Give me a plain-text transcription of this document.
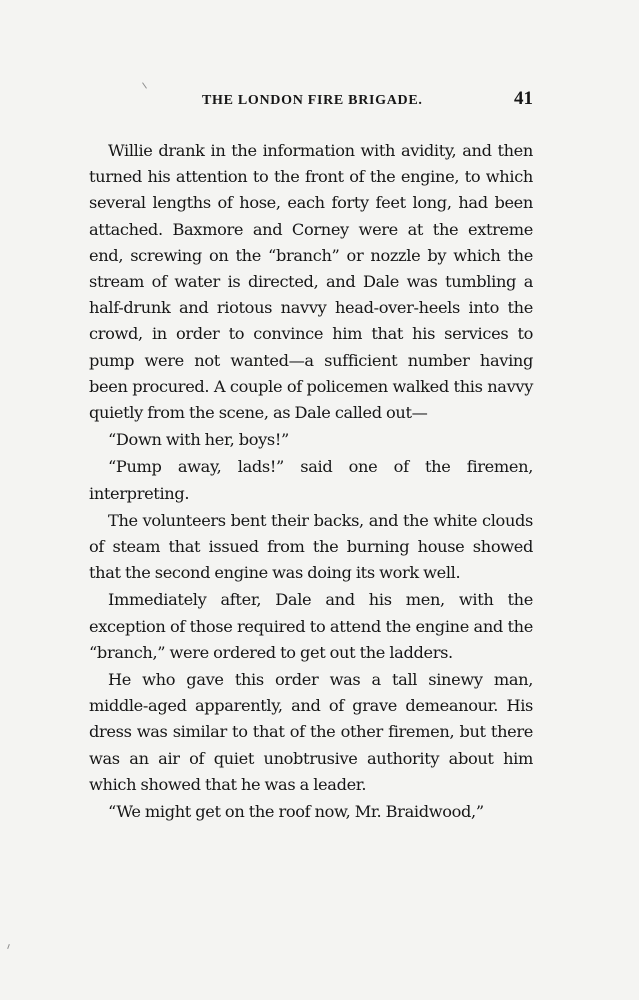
THE LONDON FIRE BRIGADE.	41

Willie drank in the information with avidity, and then turned his attention to the front of the engine, to which several lengths of hose, each forty feet long, had been attached. Baxmore and Corney were at the extreme end, screwing on the “branch” or nozzle by which the stream of water is directed, and Dale was tumbling a half-drunk and riotous navvy head-over-heels into the crowd, in order to convince him that his services to pump were not wanted—a sufficient number having been procured. A couple of policemen walked this navvy quietly from the scene, as Dale called out—

“Down with her, boys!”

“Pump away, lads!” said one of the firemen, interpreting.

The volunteers bent their backs, and the white clouds of steam that issued from the burning house showed that the second engine was doing its work well.

Immediately after, Dale and his men, with the exception of those required to attend the engine and the “branch,” were ordered to get out the ladders.

He who gave this order was a tall sinewy man, middle-aged apparently, and of grave demeanour. His dress was similar to that of the other firemen, but there was an air of quiet unobtrusive authority about him which showed that he was a leader.

“We might get on the roof now, Mr. Braidwood,”
